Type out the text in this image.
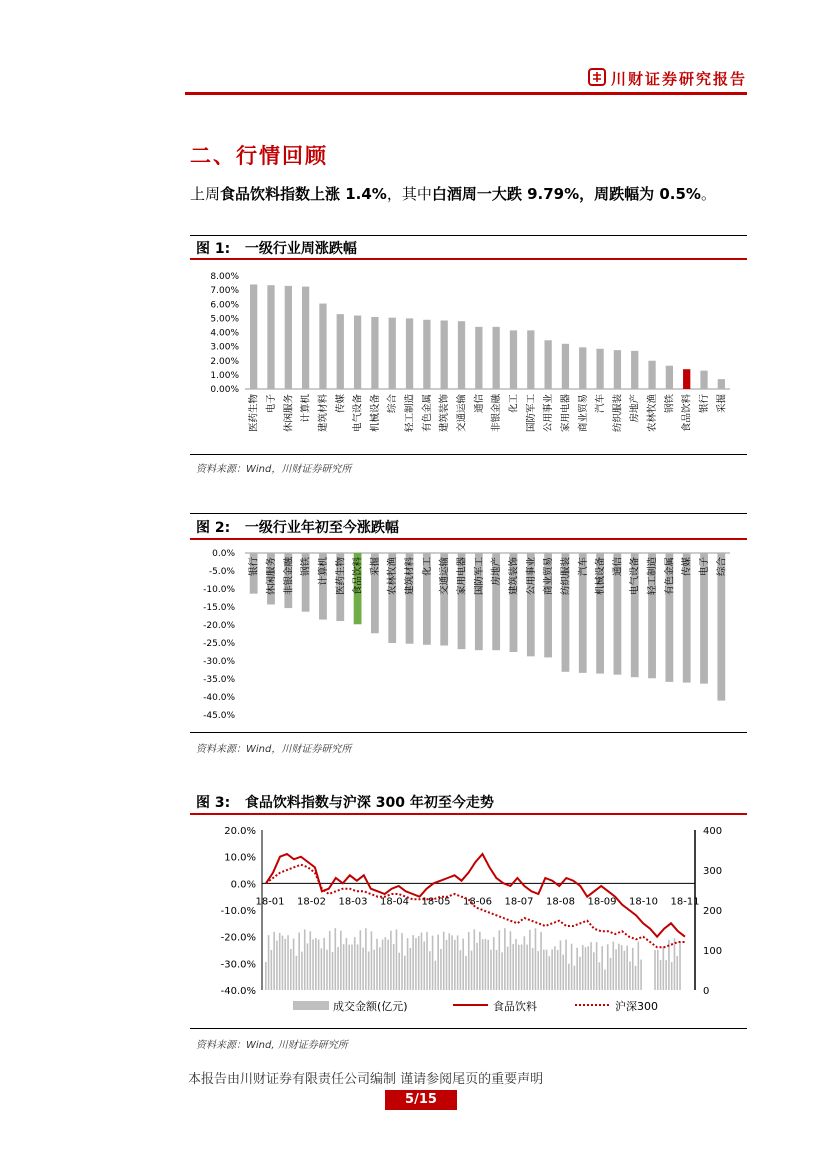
川财证券研究报告
二、行情回顾
上周食品饮料指数上涨 1.4%，其中白酒周一大跌 9.79%，周跌幅为 0.5%。
图 1: 一级行业周涨跌幅
0.00%
1.00%
2.00%
3.00%
4.00%
5.00%
6.00%
7.00%
8.00%
医药生物 电子 休闲服务 计算机 建筑材料 传媒 电气设备 机械设备 综合 轻工制造 有色金属 建筑装饰 交通运输 通信 非银金融 化工 国防军工 公用事业 家用电器 商业贸易 汽车 纺织服装 房地产 农林牧渔 钢铁 食品饮料 银行 采掘
资料来源：Wind，川财证券研究所
图 2: 一级行业年初至今涨跌幅
0.0%
-5.0%
-10.0%
-15.0%
-20.0%
-25.0%
-30.0%
-35.0%
-40.0%
-45.0%
银行 休闲服务 非银金融 钢铁 计算机 医药生物 食品饮料 采掘 农林牧渔 建筑材料 化工 交通运输 家用电器 国防军工 房地产 建筑装饰 公用事业 商业贸易 纺织服装 汽车 机械设备 通信 电气设备 轻工制造 有色金属 传媒 电子 综合
资料来源：Wind，川财证券研究所
图 3: 食品饮料指数与沪深 300 年初至今走势
20.0%
10.0%
0.0%
-10.0%
-20.0%
-30.0%
-40.0%
400
300
200
100
0
18-01 18-02 18-03 18-04 18-05 18-06 18-07 18-08 18-09 18-10 18-11
成交金额(亿元)	食品饮料	沪深300
资料来源：Wind, 川财证券研究所
本报告由川财证券有限责任公司编制 谨请参阅尾页的重要声明
5/15
